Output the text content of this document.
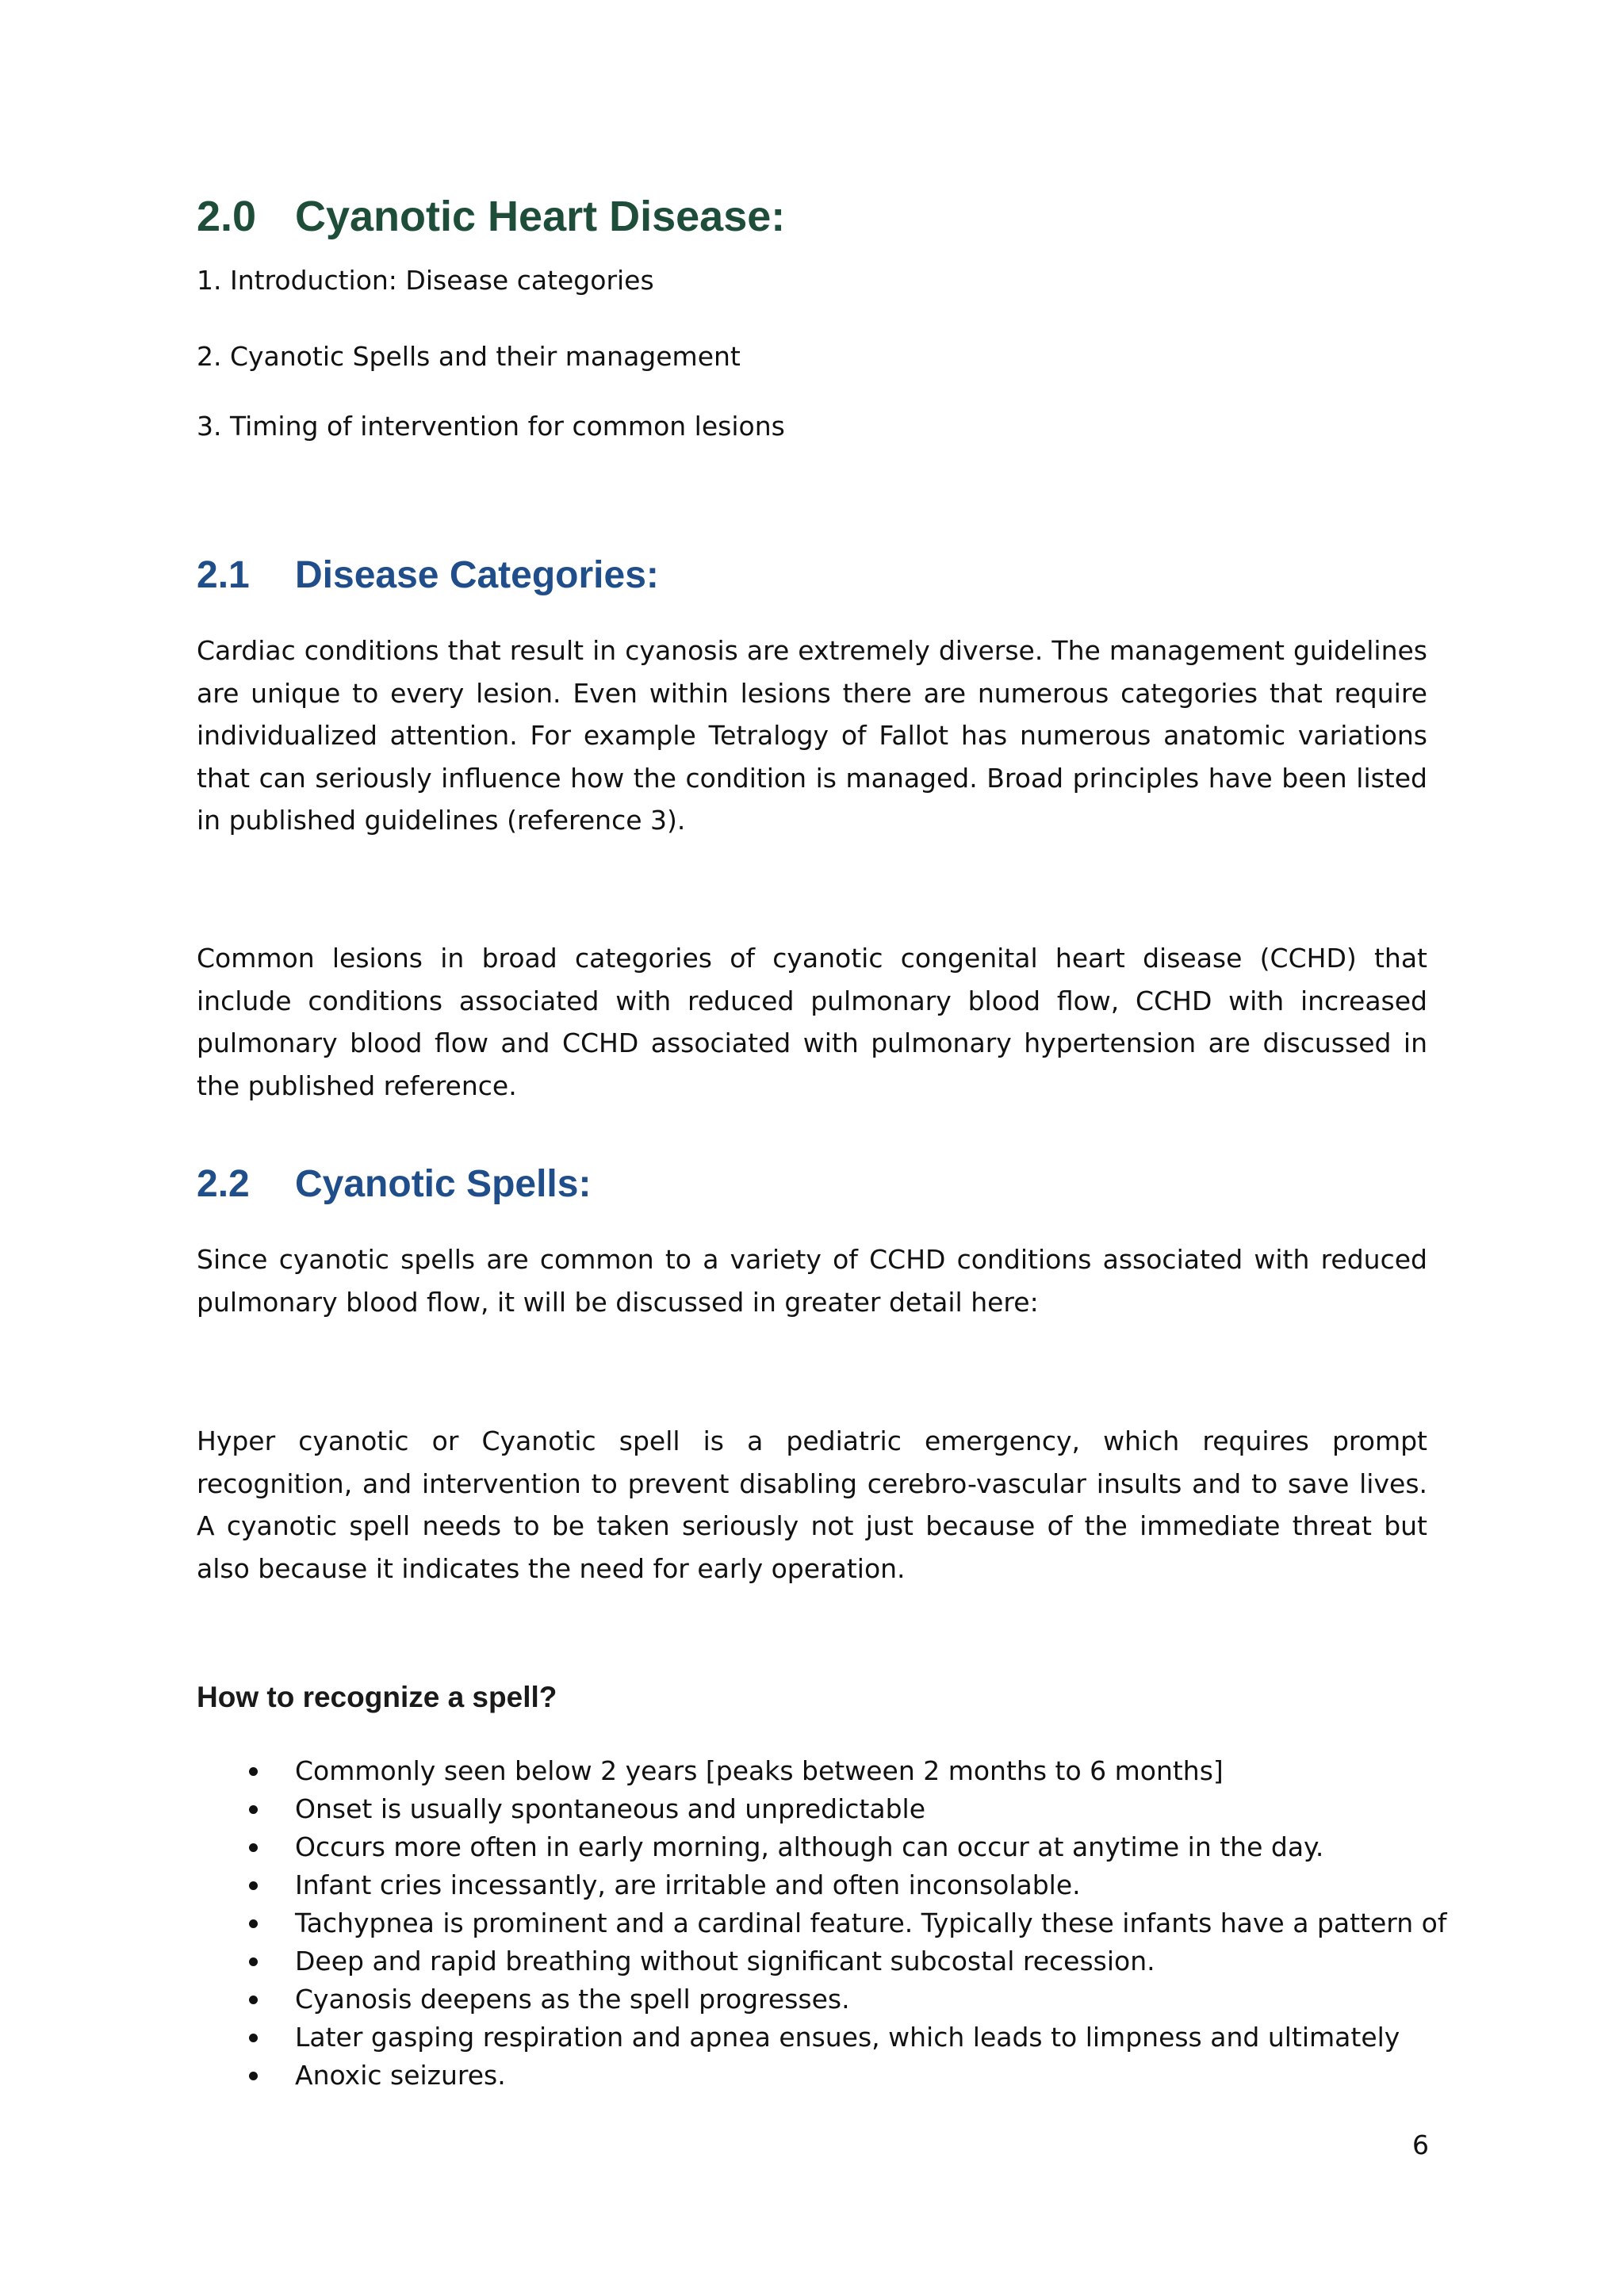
2.0 Cyanotic Heart Disease:

1. Introduction: Disease categories

2. Cyanotic Spells and their management

3. Timing of intervention for common lesions

2.1 Disease Categories:

Cardiac conditions that result in cyanosis are extremely diverse. The management guidelines are unique to every lesion. Even within lesions there are numerous categories that require individualized attention. For example Tetralogy of Fallot has numerous anatomic variations that can seriously influence how the condition is managed. Broad principles have been listed in published guidelines (reference 3).

Common lesions in broad categories of cyanotic congenital heart disease (CCHD) that include conditions associated with reduced pulmonary blood flow, CCHD with increased pulmonary blood flow and CCHD associated with pulmonary hypertension are discussed in the published reference.

2.2 Cyanotic Spells:

Since cyanotic spells are common to a variety of CCHD conditions associated with reduced pulmonary blood flow, it will be discussed in greater detail here:

Hyper cyanotic or Cyanotic spell is a pediatric emergency, which requires prompt recognition, and intervention to prevent disabling cerebro-vascular insults and to save lives. A cyanotic spell needs to be taken seriously not just because of the immediate threat but also because it indicates the need for early operation.

How to recognize a spell?
Commonly seen below 2 years [peaks between 2 months to 6 months]
Onset is usually spontaneous and unpredictable
Occurs more often in early morning, although can occur at anytime in the day.
Infant cries incessantly, are irritable and often inconsolable.
Tachypnea is prominent and a cardinal feature. Typically these infants have a pattern of
Deep and rapid breathing without significant subcostal recession.
Cyanosis deepens as the spell progresses.
Later gasping respiration and apnea ensues, which leads to limpness and ultimately
Anoxic seizures.
6
